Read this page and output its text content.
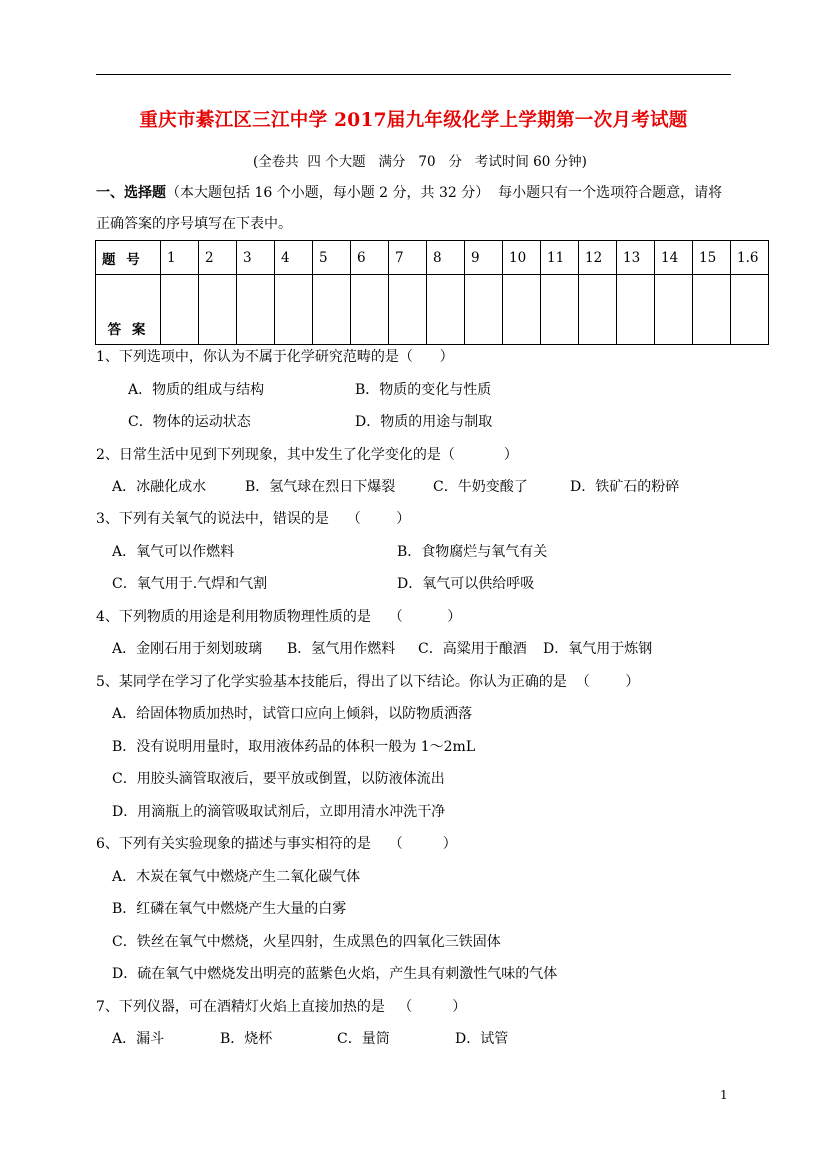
重庆市綦江区三江中学 2017届九年级化学上学期第一次月考试题
(全卷共  四 个大题   满分   70   分   考试时间 60 分钟)
一、选择题（本大题包括 16 个小题，每小题 2 分，共 32 分）  每小题只有一个选项符合题意，请将
正确答案的序号填写在下表中。
题 号	1	2	3	4	5	6	7	8	9	10	11	12	13	14	15	1.6
答 案																
1、下列选项中，你认为不属于化学研究范畴的是（      ）
A．物质的组成与结构	B．物质的变化与性质
C．物体的运动状态	D．物质的用途与制取
2、日常生活中见到下列现象，其中发生了化学变化的是（           ）
A．冰融化成水	B．氢气球在烈日下爆裂	C．牛奶变酸了	D．铁矿石的粉碎
3、下列有关氧气的说法中，错误的是    （        ）
A．氧气可以作燃料	B．食物腐烂与氧气有关
C．氧气用于.气焊和气割	D．氧气可以供给呼吸
4、下列物质的用途是利用物质物理性质的是    （          ）
A．金刚石用于刻划玻璃 B．氢气用作燃料 C．高粱用于酿酒 D．氧气用于炼钢
5、某同学在学习了化学实验基本技能后，得出了以下结论。你认为正确的是  （        ）
A．给固体物质加热时，试管口应向上倾斜，以防物质洒落
B．没有说明用量时，取用液体药品的体积一般为 1～2mL
C．用胶头滴管取液后，要平放或倒置，以防液体流出
D．用滴瓶上的滴管吸取试剂后，立即用清水冲洗干净
6、下列有关实验现象的描述与事实相符的是    （         ）
A．木炭在氧气中燃烧产生二氧化碳气体
B．红磷在氧气中燃烧产生大量的白雾
C．铁丝在氧气中燃烧，火星四射，生成黑色的四氧化三铁固体
D．硫在氧气中燃烧发出明亮的蓝紫色火焰，产生具有刺激性气味的气体
7、下列仪器，可在酒精灯火焰上直接加热的是   （         ）
A．漏斗	B．烧杯	C．量筒	D．试管
1
